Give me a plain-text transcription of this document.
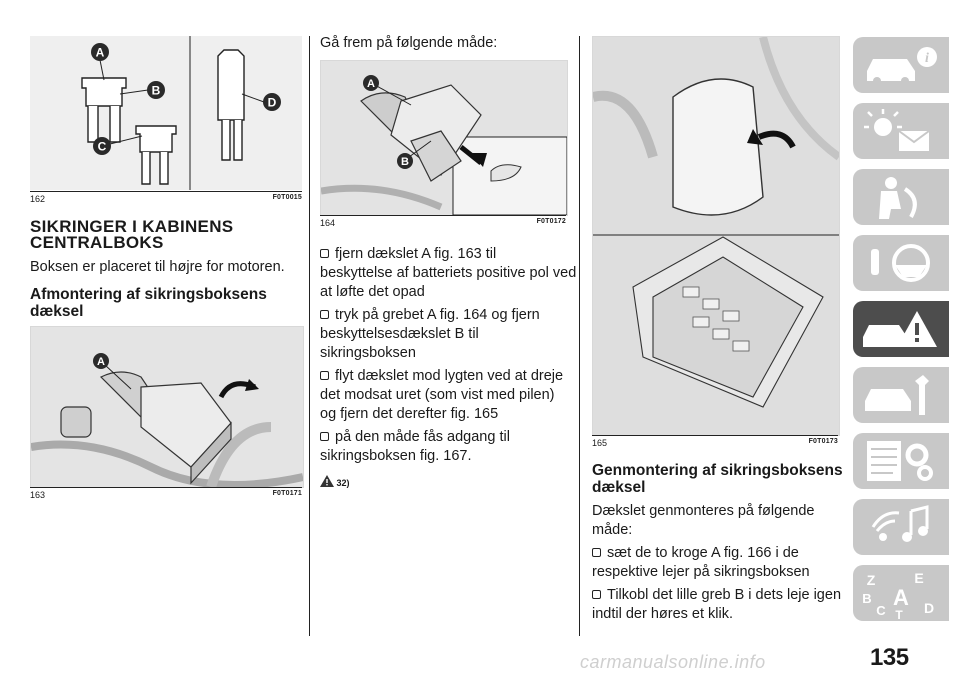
A
B
C
D
162	F0T0015
SIKRINGER I KABINENS
CENTRALBOKS
Boksen er placeret til højre for motoren.
Afmontering af sikringsboksens
dæksel
A
163	F0T0171
Gå frem på følgende måde:
A
B
164	F0T0172
fjern dækslet A fig. 163 til
beskyttelse af batteriets positive pol ved
at løfte det opad
tryk på grebet A fig. 164 og fjern
beskyttelsesdækslet B til
sikringsboksen
flyt dækslet mod lygten ved at dreje
det modsat uret (som vist med pilen)
og fjern det derefter fig. 165
på den måde fås adgang til
sikringsboksen fig. 167.
32)
165	F0T0173
Genmontering af sikringsboksens
dæksel
Dækslet genmonteres på følgende
måde:
sæt de to kroge A fig. 166 i de
respektive lejer på sikringsboksen
Tilkobl det lille greb B i dets leje igen
indtil der høres et klik.
i
Z	E
B A
C T D
135
carmanualsonline.info
